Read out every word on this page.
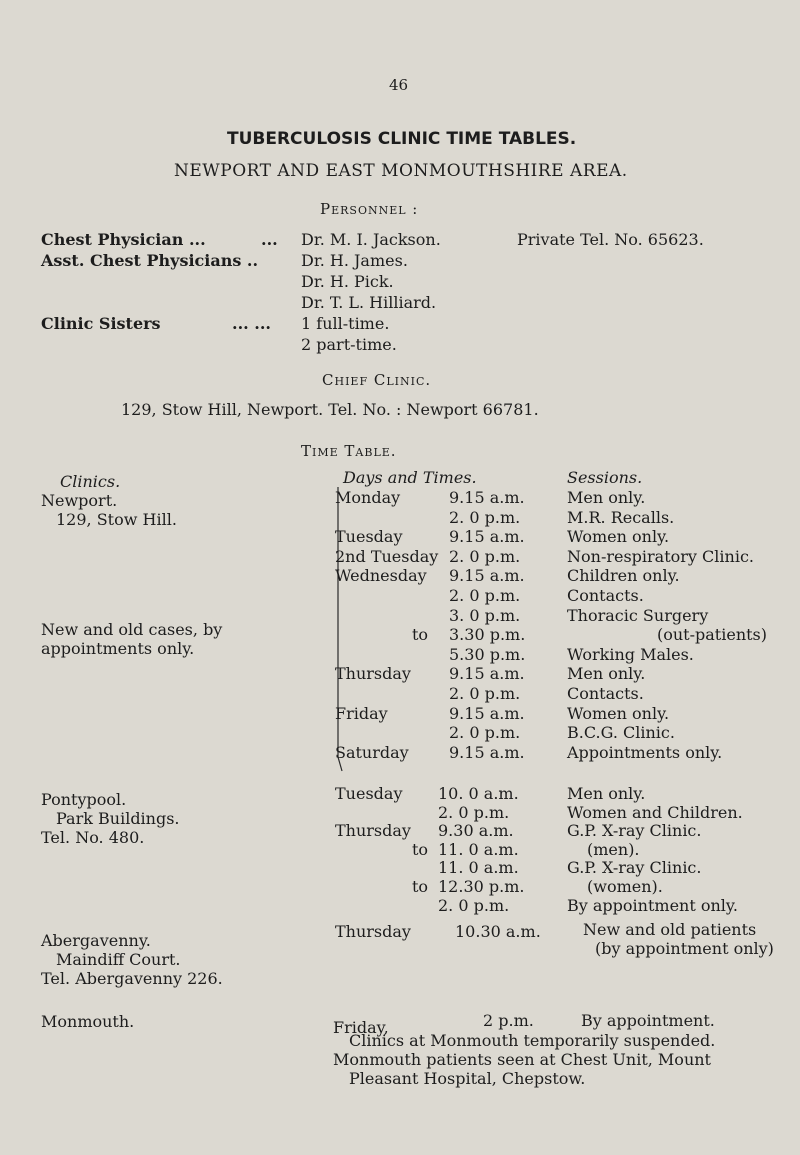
46
TUBERCULOSIS CLINIC TIME TABLES.
NEWPORT AND EAST MONMOUTHSHIRE AREA.
Personnel :
Chest Physician ...	... Dr. M. I. Jackson.	Private Tel. No. 65623.
Asst. Chest Physicians ..	Dr. H. James.
Dr. H. Pick.
Dr. T. L. Hilliard.
Clinic Sisters	... ... 1 full-time.
2 part-time.
Chief Clinic.
129, Stow Hill, Newport. Tel. No. : Newport 66781.
Time Table.
Clinics.	Days and Times.	Sessions.
Newport.
129, Stow Hill.
New and old cases, by
appointments only.
Monday	9.15 a.m.	Men only.
2. 0 p.m.	M.R. Recalls.
Tuesday	9.15 a.m.	Women only.
2nd Tuesday 2. 0 p.m.	Non-respiratory Clinic.
Wednesday 9.15 a.m.	Children only.
2. 0 p.m.	Contacts.
3. 0 p.m.	Thoracic Surgery
to 3.30 p.m.	(out-patients)
5.30 p.m.	Working Males.
Thursday 9.15 a.m.	Men only.
2. 0 p.m.	Contacts.
Friday	9.15 a.m.	Women only.
2. 0 p.m.	B.C.G. Clinic.
Saturday	9.15 a.m.	Appointments only.
Pontypool.
Park Buildings.
Tel. No. 480.
Tuesday 10. 0 a.m.	Men only.
2. 0 p.m.	Women and Children.
Thursday 9.30 a.m.	G.P. X-ray Clinic.
to 11. 0 a.m.	(men).
11. 0 a.m.	G.P. X-ray Clinic.
to 12.30 p.m.	(women).
2. 0 p.m.	By appointment only.
Abergavenny.
Maindiff Court.
Tel. Abergavenny 226.
Thursday	10.30 a.m.	New and old patients
(by appointment only)
Monmouth.	Friday,	2 p.m.	By appointment.
Clinics at Monmouth temporarily suspended.
Monmouth patients seen at Chest Unit, Mount
Pleasant Hospital, Chepstow.
